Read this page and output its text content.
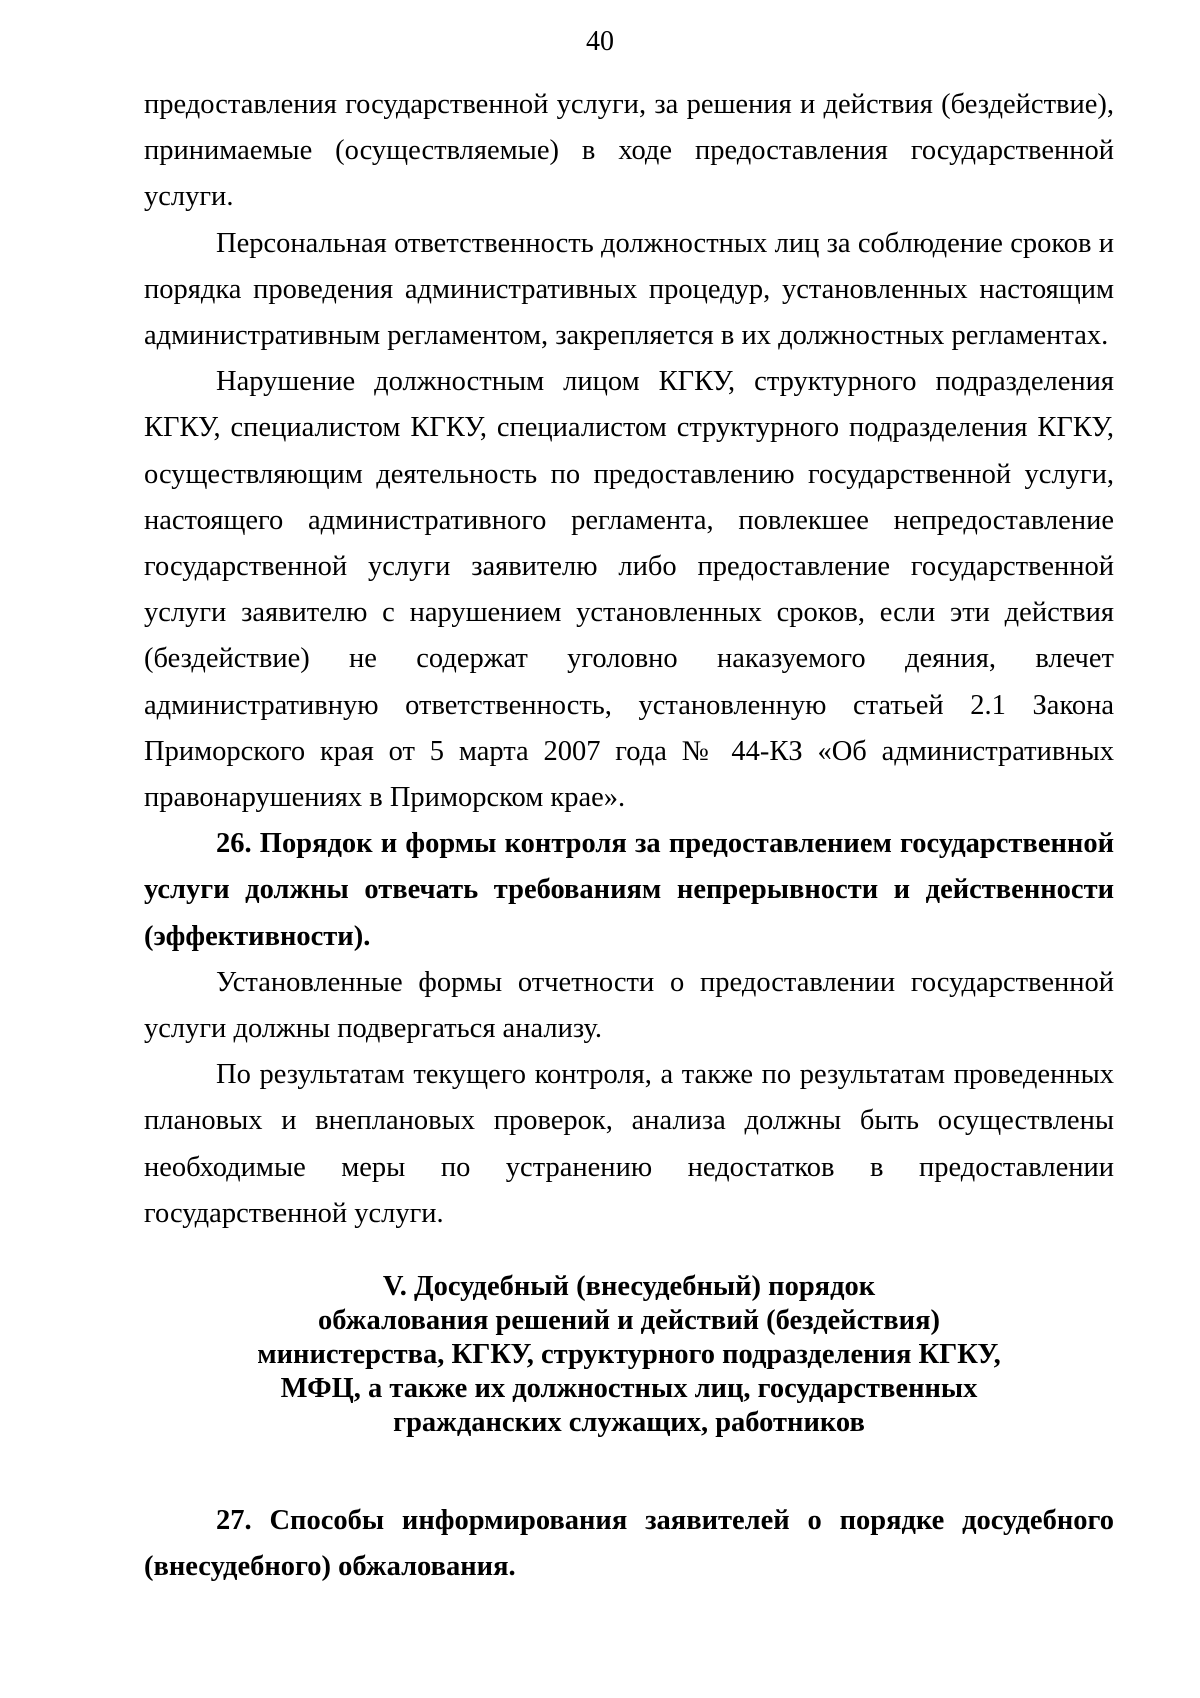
40

предоставления государственной услуги, за решения и действия (бездействие), принимаемые (осуществляемые) в ходе предоставления государственной услуги.

Персональная ответственность должностных лиц за соблюдение сроков и порядка проведения административных процедур, установленных настоящим административным регламентом, закрепляется в их должностных регламентах.

Нарушение должностным лицом КГКУ, структурного подразделения КГКУ, специалистом КГКУ, специалистом структурного подразделения КГКУ, осуществляющим деятельность по предоставлению государственной услуги, настоящего административного регламента, повлекшее непредоставление государственной услуги заявителю либо предоставление государственной услуги заявителю с нарушением установленных сроков, если эти действия (бездействие) не содержат уголовно наказуемого деяния, влечет административную ответственность, установленную статьей 2.1 Закона Приморского края от 5 марта 2007 года № 44-КЗ «Об административных правонарушениях в Приморском крае».

26. Порядок и формы контроля за предоставлением государственной услуги должны отвечать требованиям непрерывности и действенности (эффективности).

Установленные формы отчетности о предоставлении государственной услуги должны подвергаться анализу.

По результатам текущего контроля, а также по результатам проведенных плановых и внеплановых проверок, анализа должны быть осуществлены необходимые меры по устранению недостатков в предоставлении государственной услуги.

V. Досудебный (внесудебный) порядок
обжалования решений и действий (бездействия)
министерства, КГКУ, структурного подразделения КГКУ,
МФЦ, а также их должностных лиц, государственных
гражданских служащих, работников

27. Способы информирования заявителей о порядке досудебного (внесудебного) обжалования.
